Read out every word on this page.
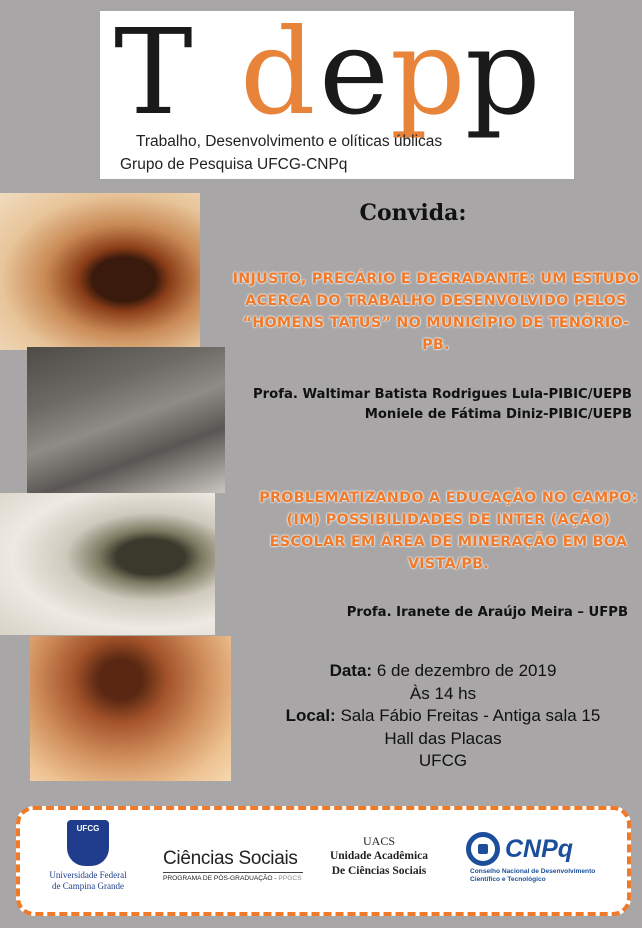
T d e p p
Trabalho, Desenvolvimento e olíticas úblicas
Grupo de Pesquisa UFCG-CNPq
Convida:
INJUSTO, PRECÁRIO E DEGRADANTE: UM ESTUDO ACERCA DO TRABALHO DESENVOLVIDO PELOS “HOMENS TATUS” NO MUNICÍPIO DE TENÓRIO-PB.
Profa. Waltimar Batista Rodrigues Lula-PIBIC/UEPB
Moniele de Fátima Diniz-PIBIC/UEPB
PROBLEMATIZANDO A EDUCAÇÃO NO CAMPO: (IM) POSSIBILIDADES DE INTER (AÇÃO) ESCOLAR EM ÁREA DE MINERAÇÃO EM BOA VISTA/PB.
Profa. Iranete de Araújo Meira – UFPB
Data: 6 de dezembro de 2019
Às 14 hs
Local: Sala Fábio Freitas - Antiga sala 15
Hall das Placas
UFCG
UFCG
Universidade Federal
de Campina Grande
Ciências Sociais
PROGRAMA DE PÓS-GRADUAÇÃO - PPGCS
UACS
Unidade Acadêmica
De Ciências Sociais
CNPq
Conselho Nacional de Desenvolvimento
Científico e Tecnológico
